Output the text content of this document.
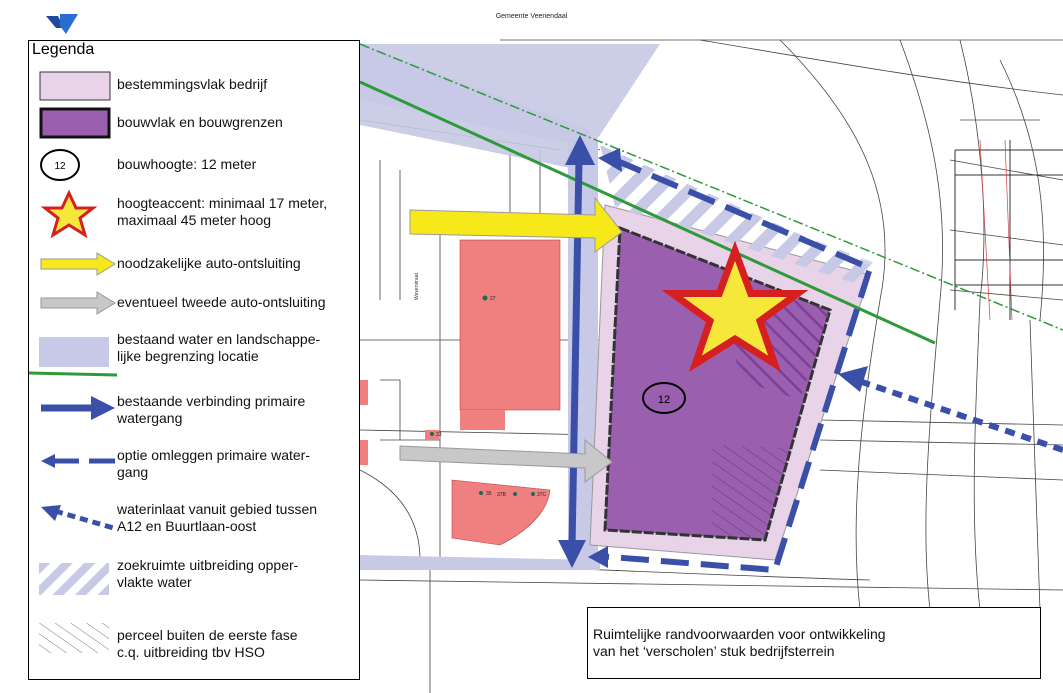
Gemeente Veenendaal
12
27
33
35 37B	37C
Weverstraat
Legenda
bestemmingsvlak bedrijf
bouwvlak en bouwgrenzen
12	bouwhoogte: 12 meter
hoogteaccent: minimaal 17 meter,
maximaal 45 meter hoog
noodzakelijke auto-ontsluiting
eventueel tweede auto-ontsluiting
bestaand water en landschappe-
lijke begrenzing locatie
bestaande verbinding primaire
watergang
optie omleggen primaire water-
gang
waterinlaat vanuit gebied tussen
A12 en Buurtlaan-oost
zoekruimte uitbreiding opper-
vlakte water
perceel buiten de eerste fase
c.q. uitbreiding tbv HSO
Ruimtelijke randvoorwaarden voor ontwikkeling
van het ‘verscholen’ stuk bedrijfsterrein
